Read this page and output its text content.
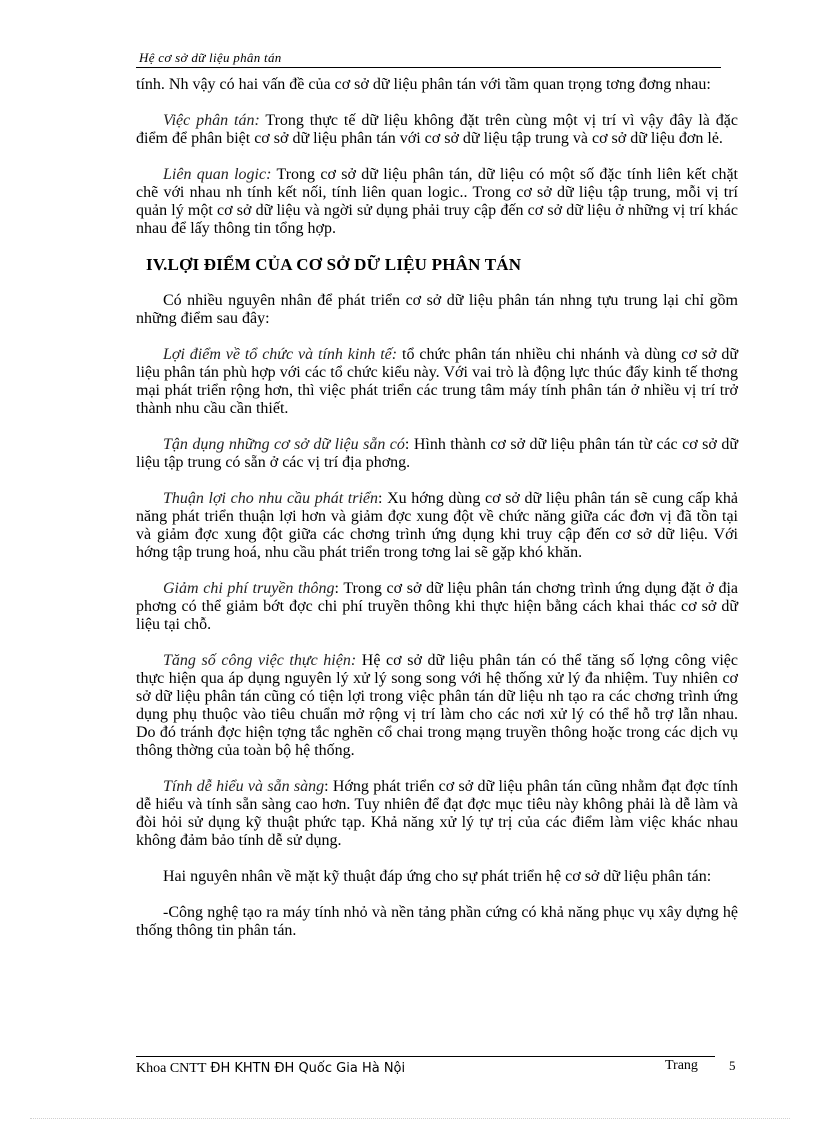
Hệ cơ sở dữ liệu phân tán

tính. Nh vậy có hai vấn đề của cơ sở dữ liệu phân tán với tầm quan trọng tơng đơng nhau:

Việc phân tán: Trong thực tế dữ liệu không đặt trên cùng một vị trí vì vậy đây là đặc điểm để phân biệt cơ sở dữ liệu phân tán với cơ sở dữ liệu tập trung và cơ sở dữ liệu đơn lẻ.

Liên quan logic: Trong cơ sở dữ liệu phân tán, dữ liệu có một số đặc tính liên kết chặt chẽ với nhau nh tính kết nối, tính liên quan logic.. Trong cơ sở dữ liệu tập trung, mỗi vị trí quản lý một cơ sở dữ liệu và ngời sử dụng phải truy cập đến cơ sở dữ liệu ở những vị trí khác nhau để lấy thông tin tổng hợp.

IV.LỢI ĐIỂM CỦA CƠ SỞ DỮ LIỆU PHÂN TÁN

Có nhiều nguyên nhân để phát triển cơ sở dữ liệu phân tán nhng tựu trung lại chỉ gồm những điểm sau đây:

Lợi điểm về tổ chức và tính kinh tế: tổ chức phân tán nhiều chi nhánh và dùng cơ sở dữ liệu phân tán phù hợp với các tổ chức kiểu này. Với vai trò là động lực thúc đẩy kinh tế thơng mại phát triển rộng hơn, thì việc phát triển các trung tâm máy tính phân tán ở nhiều vị trí trở thành nhu cầu cần thiết.

Tận dụng những cơ sở dữ liệu sẵn có: Hình thành cơ sở dữ liệu phân tán từ các cơ sở dữ liệu tập trung có sẵn ở các vị trí địa phơng.

Thuận lợi cho nhu cầu phát triển: Xu hớng dùng cơ sở dữ liệu phân tán sẽ cung cấp khả năng phát triển thuận lợi hơn và giảm đợc xung đột về chức năng giữa các đơn vị đã tồn tại và giảm đợc xung đột giữa các chơng trình ứng dụng khi truy cập đến cơ sở dữ liệu. Với hớng tập trung hoá, nhu cầu phát triển trong tơng lai sẽ gặp khó khăn.

Giảm chi phí truyền thông: Trong cơ sở dữ liệu phân tán chơng trình ứng dụng đặt ở địa phơng có thể giảm bớt đợc chi phí truyền thông khi thực hiện bằng cách khai thác cơ sở dữ liệu tại chỗ.

Tăng số công việc thực hiện: Hệ cơ sở dữ liệu phân tán có thể tăng số lợng công việc thực hiện qua áp dụng nguyên lý xử lý song song với hệ thống xử lý đa nhiệm. Tuy nhiên cơ sở dữ liệu phân tán cũng có tiện lợi trong việc phân tán dữ liệu nh tạo ra các chơng trình ứng dụng phụ thuộc vào tiêu chuẩn mở rộng vị trí làm cho các nơi xử lý có thể hỗ trợ lẫn nhau. Do đó tránh đợc hiện tợng tắc nghẽn cổ chai trong mạng truyền thông hoặc trong các dịch vụ thông thờng của toàn bộ hệ thống.

Tính dễ hiểu và sẵn sàng: Hớng phát triển cơ sở dữ liệu phân tán cũng nhằm đạt đợc tính dễ hiểu và tính sẵn sàng cao hơn. Tuy nhiên để đạt đợc mục tiêu này không phải là dễ làm và đòi hỏi sử dụng kỹ thuật phức tạp. Khả năng xử lý tự trị của các điểm làm việc khác nhau không đảm bảo tính dễ sử dụng.

Hai nguyên nhân về mặt kỹ thuật đáp ứng cho sự phát triển hệ cơ sở dữ liệu phân tán:

-Công nghệ tạo ra máy tính nhỏ và nền tảng phần cứng có khả năng phục vụ xây dựng hệ thống thông tin phân tán.

Khoa CNTT ĐH KHTN ĐH Quốc Gia Hà Nội	Trang 5
